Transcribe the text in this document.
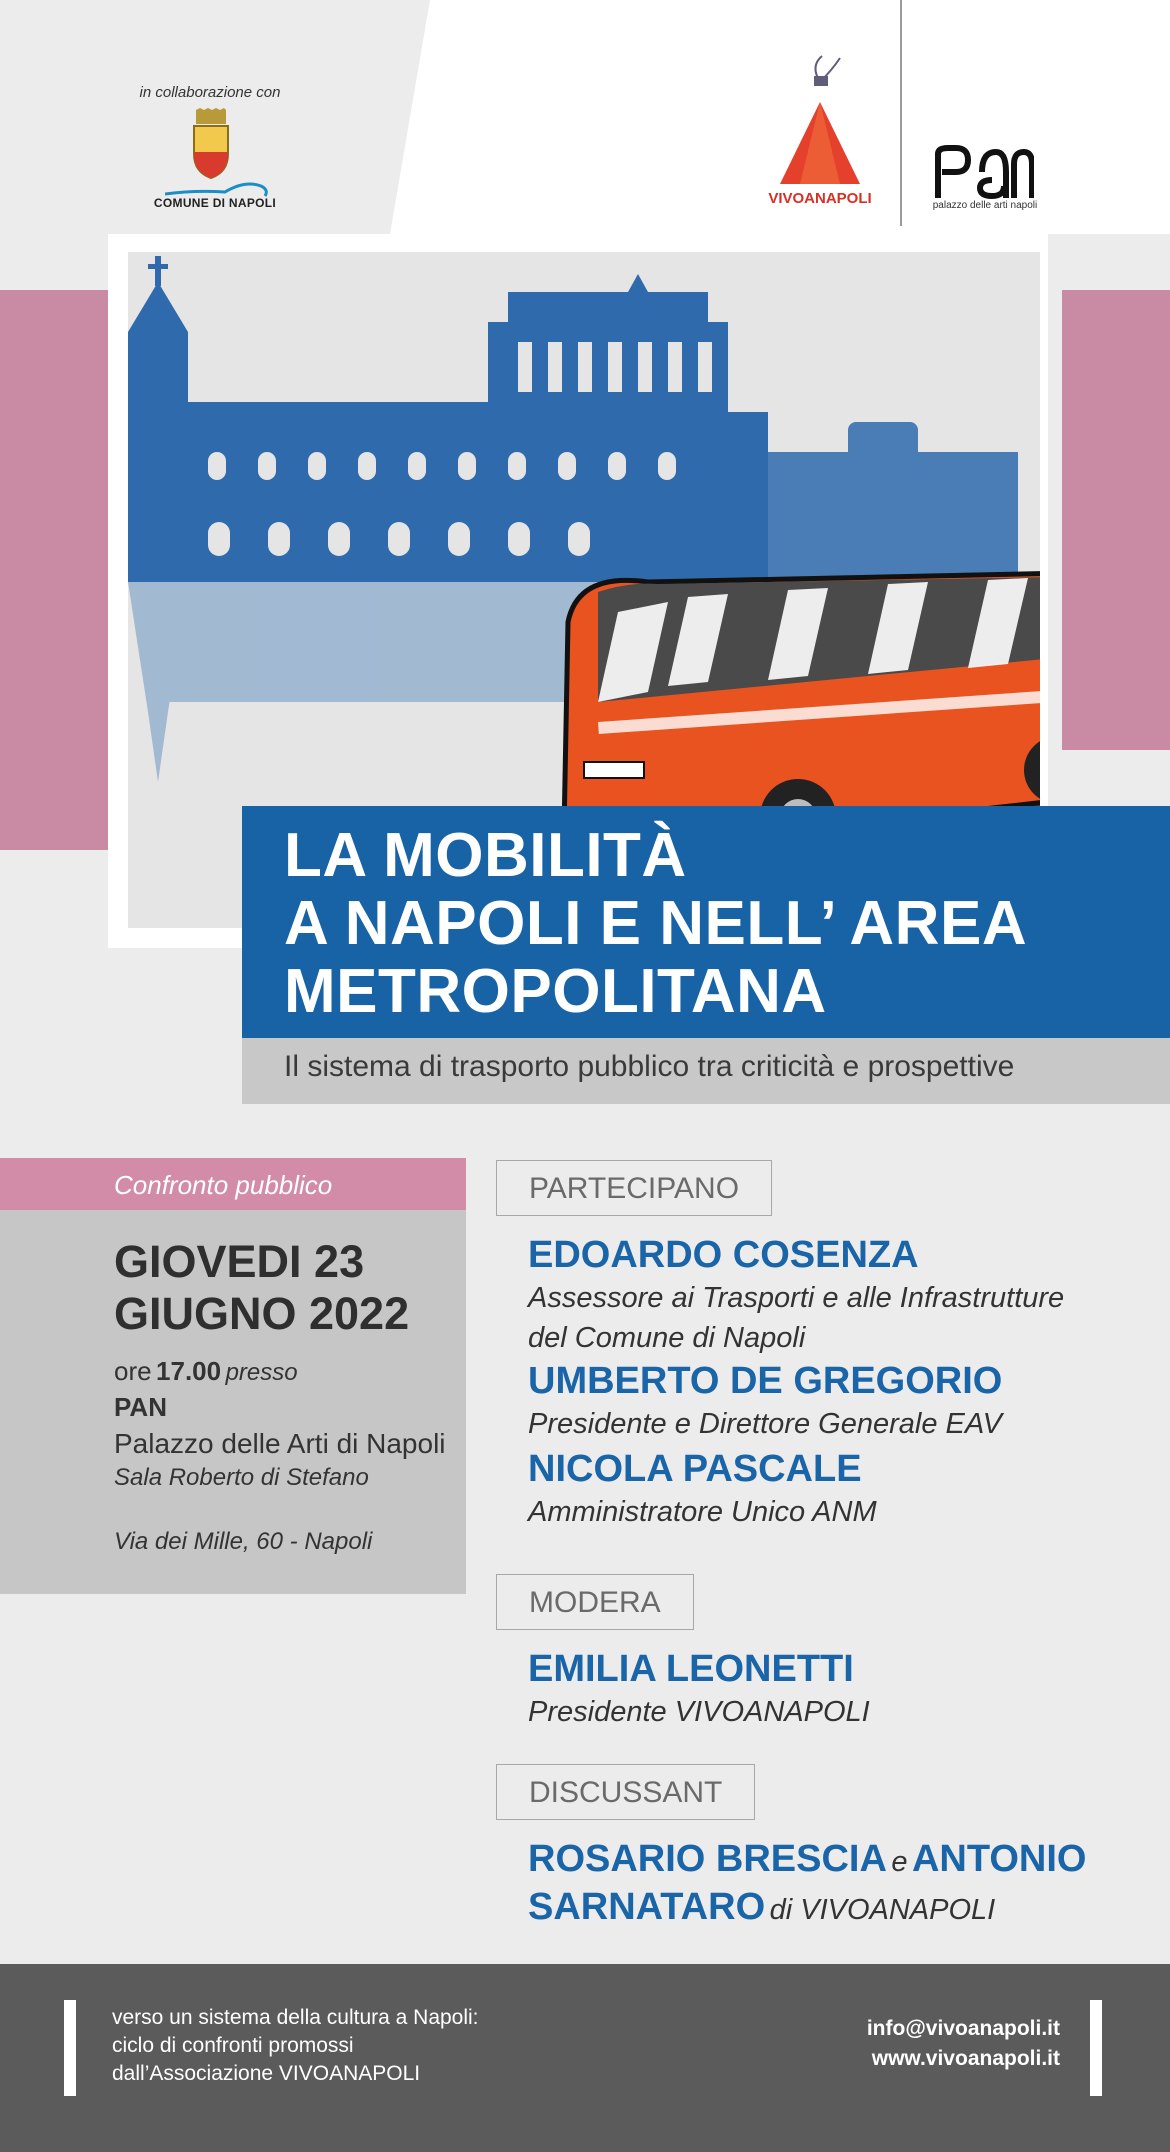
in collaborazione con
COMUNE DI NAPOLI	VIVOANAPOLI	palazzo delle arti napoli
LA MOBILITÀ
A NAPOLI E NELL’ AREA
METROPOLITANA
Il sistema di trasporto pubblico tra criticità e prospettive
Confronto pubblico
GIOVEDI 23
GIUGNO 2022
ore 17.00 presso
PAN
Palazzo delle Arti di Napoli
Sala Roberto di Stefano
Via dei Mille, 60 - Napoli
PARTECIPANO
EDOARDO COSENZA
Assessore ai Trasporti e alle Infrastrutture
del Comune di Napoli
UMBERTO DE GREGORIO
Presidente e Direttore Generale EAV
NICOLA PASCALE
Amministratore Unico ANM
MODERA
EMILIA LEONETTI
Presidente VIVOANAPOLI
DISCUSSANT
ROSARIO BRESCIA e ANTONIO
SARNATARO di VIVOANAPOLI
verso un sistema della cultura a Napoli:
ciclo di confronti promossi
dall’Associazione VIVOANAPOLI
info@vivoanapoli.it
www.vivoanapoli.it
